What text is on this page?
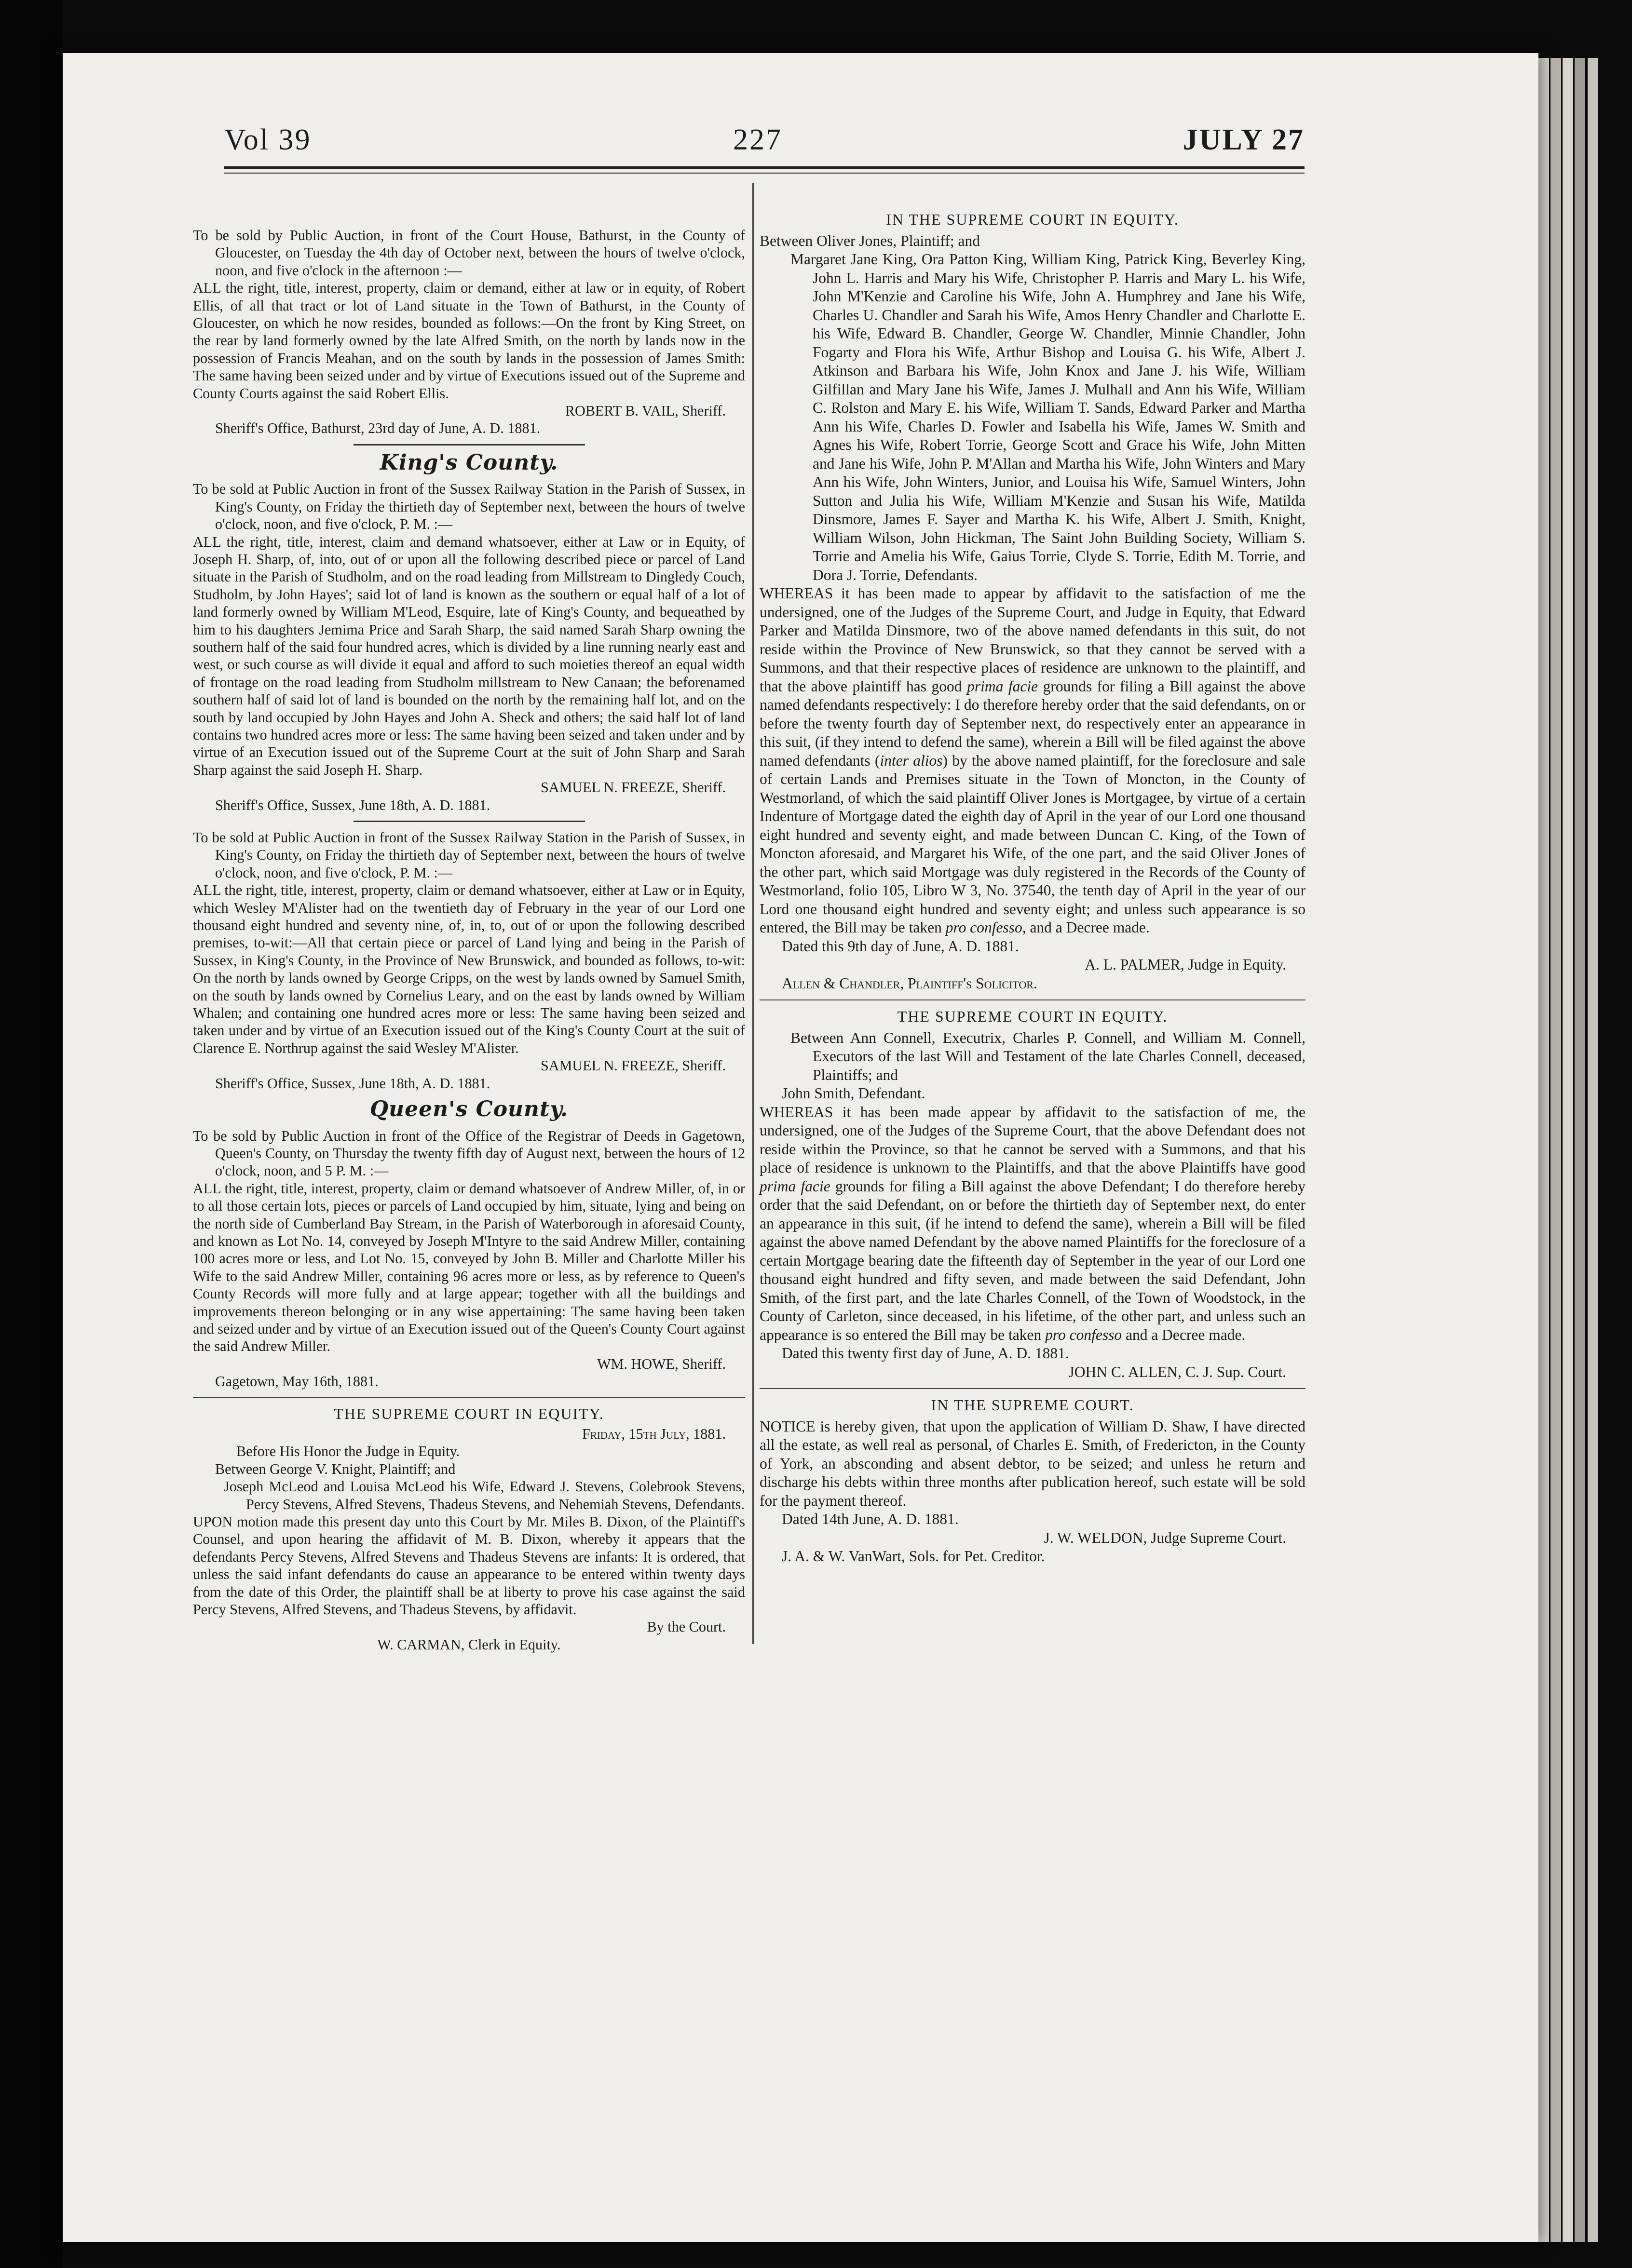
Vol 39	227	JULY 27

To be sold by Public Auction, in front of the Court House, Bathurst, in the County of Gloucester, on Tuesday the 4th day of October next, between the hours of twelve o'clock, noon, and five o'clock in the afternoon :—

ALL the right, title, interest, property, claim or demand, either at law or in equity, of Robert Ellis, of all that tract or lot of Land situate in the Town of Bathurst, in the County of Gloucester, on which he now resides, bounded as follows:—On the front by King Street, on the rear by land formerly owned by the late Alfred Smith, on the north by lands now in the possession of Francis Meahan, and on the south by lands in the possession of James Smith: The same having been seized under and by virtue of Executions issued out of the Supreme and County Courts against the said Robert Ellis.

ROBERT B. VAIL, Sheriff.

Sheriff's Office, Bathurst, 23rd day of June, A. D. 1881.

King's County.

To be sold at Public Auction in front of the Sussex Railway Station in the Parish of Sussex, in King's County, on Friday the thirtieth day of September next, between the hours of twelve o'clock, noon, and five o'clock, P. M. :—

ALL the right, title, interest, claim and demand whatsoever, either at Law or in Equity, of Joseph H. Sharp, of, into, out of or upon all the following described piece or parcel of Land situate in the Parish of Studholm, and on the road leading from Millstream to Dingledy Couch, Studholm, by John Hayes'; said lot of land is known as the southern or equal half of a lot of land formerly owned by William M'Leod, Esquire, late of King's County, and bequeathed by him to his daughters Jemima Price and Sarah Sharp, the said named Sarah Sharp owning the southern half of the said four hundred acres, which is divided by a line running nearly east and west, or such course as will divide it equal and afford to such moieties thereof an equal width of frontage on the road leading from Studholm millstream to New Canaan; the beforenamed southern half of said lot of land is bounded on the north by the remaining half lot, and on the south by land occupied by John Hayes and John A. Sheck and others; the said half lot of land contains two hundred acres more or less: The same having been seized and taken under and by virtue of an Execution issued out of the Supreme Court at the suit of John Sharp and Sarah Sharp against the said Joseph H. Sharp.

SAMUEL N. FREEZE, Sheriff.

Sheriff's Office, Sussex, June 18th, A. D. 1881.

To be sold at Public Auction in front of the Sussex Railway Station in the Parish of Sussex, in King's County, on Friday the thirtieth day of September next, between the hours of twelve o'clock, noon, and five o'clock, P. M. :—

ALL the right, title, interest, property, claim or demand whatsoever, either at Law or in Equity, which Wesley M'Alister had on the twentieth day of February in the year of our Lord one thousand eight hundred and seventy nine, of, in, to, out of or upon the following described premises, to-wit:—All that certain piece or parcel of Land lying and being in the Parish of Sussex, in King's County, in the Province of New Brunswick, and bounded as follows, to-wit: On the north by lands owned by George Cripps, on the west by lands owned by Samuel Smith, on the south by lands owned by Cornelius Leary, and on the east by lands owned by William Whalen; and containing one hundred acres more or less: The same having been seized and taken under and by virtue of an Execution issued out of the King's County Court at the suit of Clarence E. Northrup against the said Wesley M'Alister.

SAMUEL N. FREEZE, Sheriff.

Sheriff's Office, Sussex, June 18th, A. D. 1881.

Queen's County.

To be sold by Public Auction in front of the Office of the Registrar of Deeds in Gagetown, Queen's County, on Thursday the twenty fifth day of August next, between the hours of 12 o'clock, noon, and 5 P. M. :—

ALL the right, title, interest, property, claim or demand whatsoever of Andrew Miller, of, in or to all those certain lots, pieces or parcels of Land occupied by him, situate, lying and being on the north side of Cumberland Bay Stream, in the Parish of Waterborough in aforesaid County, and known as Lot No. 14, conveyed by Joseph M'Intyre to the said Andrew Miller, containing 100 acres more or less, and Lot No. 15, conveyed by John B. Miller and Charlotte Miller his Wife to the said Andrew Miller, containing 96 acres more or less, as by reference to Queen's County Records will more fully and at large appear; together with all the buildings and improvements thereon belonging or in any wise appertaining: The same having been taken and seized under and by virtue of an Execution issued out of the Queen's County Court against the said Andrew Miller.

WM. HOWE, Sheriff.

Gagetown, May 16th, 1881.

THE SUPREME COURT IN EQUITY.

Friday, 15th July, 1881.

Before His Honor the Judge in Equity.

Between George V. Knight, Plaintiff; and

Joseph McLeod and Louisa McLeod his Wife, Edward J. Stevens, Colebrook Stevens, Percy Stevens, Alfred Stevens, Thadeus Stevens, and Nehemiah Stevens, Defendants.

UPON motion made this present day unto this Court by Mr. Miles B. Dixon, of the Plaintiff's Counsel, and upon hearing the affidavit of M. B. Dixon, whereby it appears that the defendants Percy Stevens, Alfred Stevens and Thadeus Stevens are infants: It is ordered, that unless the said infant defendants do cause an appearance to be entered within twenty days from the date of this Order, the plaintiff shall be at liberty to prove his case against the said Percy Stevens, Alfred Stevens, and Thadeus Stevens, by affidavit.

By the Court.

W. CARMAN, Clerk in Equity.

IN THE SUPREME COURT IN EQUITY.

Between Oliver Jones, Plaintiff; and

Margaret Jane King, Ora Patton King, William King, Patrick King, Beverley King, John L. Harris and Mary his Wife, Christopher P. Harris and Mary L. his Wife, John M'Kenzie and Caroline his Wife, John A. Humphrey and Jane his Wife, Charles U. Chandler and Sarah his Wife, Amos Henry Chandler and Charlotte E. his Wife, Edward B. Chandler, George W. Chandler, Minnie Chandler, John Fogarty and Flora his Wife, Arthur Bishop and Louisa G. his Wife, Albert J. Atkinson and Barbara his Wife, John Knox and Jane J. his Wife, William Gilfillan and Mary Jane his Wife, James J. Mulhall and Ann his Wife, William C. Rolston and Mary E. his Wife, William T. Sands, Edward Parker and Martha Ann his Wife, Charles D. Fowler and Isabella his Wife, James W. Smith and Agnes his Wife, Robert Torrie, George Scott and Grace his Wife, John Mitten and Jane his Wife, John P. M'Allan and Martha his Wife, John Winters and Mary Ann his Wife, John Winters, Junior, and Louisa his Wife, Samuel Winters, John Sutton and Julia his Wife, William M'Kenzie and Susan his Wife, Matilda Dinsmore, James F. Sayer and Martha K. his Wife, Albert J. Smith, Knight, William Wilson, John Hickman, The Saint John Building Society, William S. Torrie and Amelia his Wife, Gaius Torrie, Clyde S. Torrie, Edith M. Torrie, and Dora J. Torrie, Defendants.

WHEREAS it has been made to appear by affidavit to the satisfaction of me the undersigned, one of the Judges of the Supreme Court, and Judge in Equity, that Edward Parker and Matilda Dinsmore, two of the above named defendants in this suit, do not reside within the Province of New Brunswick, so that they cannot be served with a Summons, and that their respective places of residence are unknown to the plaintiff, and that the above plaintiff has good prima facie grounds for filing a Bill against the above named defendants respectively: I do therefore hereby order that the said defendants, on or before the twenty fourth day of September next, do respectively enter an appearance in this suit, (if they intend to defend the same), wherein a Bill will be filed against the above named defendants (inter alios) by the above named plaintiff, for the foreclosure and sale of certain Lands and Premises situate in the Town of Moncton, in the County of Westmorland, of which the said plaintiff Oliver Jones is Mortgagee, by virtue of a certain Indenture of Mortgage dated the eighth day of April in the year of our Lord one thousand eight hundred and seventy eight, and made between Duncan C. King, of the Town of Moncton aforesaid, and Margaret his Wife, of the one part, and the said Oliver Jones of the other part, which said Mortgage was duly registered in the Records of the County of Westmorland, folio 105, Libro W 3, No. 37540, the tenth day of April in the year of our Lord one thousand eight hundred and seventy eight; and unless such appearance is so entered, the Bill may be taken pro confesso, and a Decree made.

Dated this 9th day of June, A. D. 1881.

A. L. PALMER, Judge in Equity.

Allen & Chandler, Plaintiff's Solicitor.

THE SUPREME COURT IN EQUITY.

Between Ann Connell, Executrix, Charles P. Connell, and William M. Connell, Executors of the last Will and Testament of the late Charles Connell, deceased, Plaintiffs; and

John Smith, Defendant.

WHEREAS it has been made appear by affidavit to the satisfaction of me, the undersigned, one of the Judges of the Supreme Court, that the above Defendant does not reside within the Province, so that he cannot be served with a Summons, and that his place of residence is unknown to the Plaintiffs, and that the above Plaintiffs have good prima facie grounds for filing a Bill against the above Defendant; I do therefore hereby order that the said Defendant, on or before the thirtieth day of September next, do enter an appearance in this suit, (if he intend to defend the same), wherein a Bill will be filed against the above named Defendant by the above named Plaintiffs for the foreclosure of a certain Mortgage bearing date the fifteenth day of September in the year of our Lord one thousand eight hundred and fifty seven, and made between the said Defendant, John Smith, of the first part, and the late Charles Connell, of the Town of Woodstock, in the County of Carleton, since deceased, in his lifetime, of the other part, and unless such an appearance is so entered the Bill may be taken pro confesso and a Decree made.

Dated this twenty first day of June, A. D. 1881.

JOHN C. ALLEN, C. J. Sup. Court.

IN THE SUPREME COURT.

NOTICE is hereby given, that upon the application of William D. Shaw, I have directed all the estate, as well real as personal, of Charles E. Smith, of Fredericton, in the County of York, an absconding and absent debtor, to be seized; and unless he return and discharge his debts within three months after publication hereof, such estate will be sold for the payment thereof.

Dated 14th June, A. D. 1881.

J. W. WELDON, Judge Supreme Court.

J. A. & W. VanWart, Sols. for Pet. Creditor.
